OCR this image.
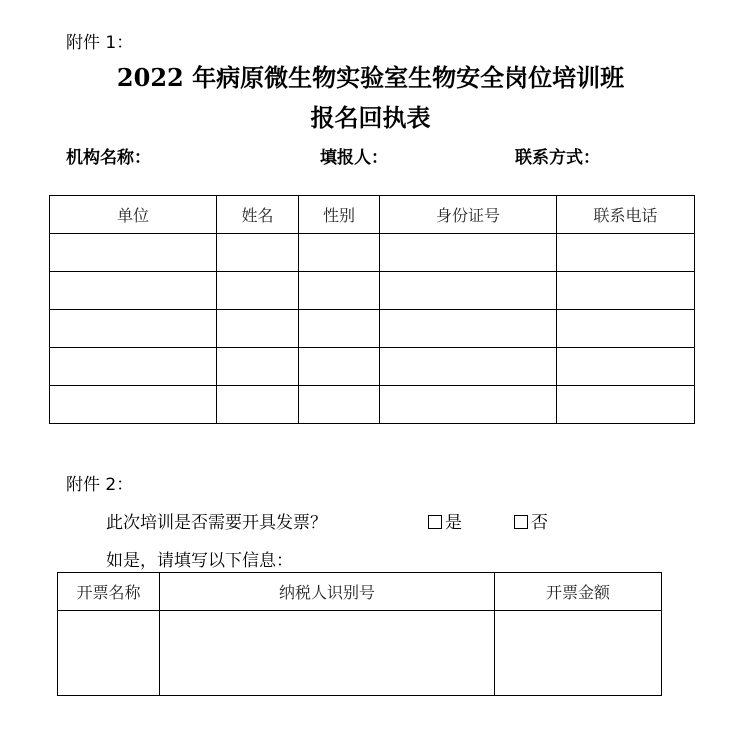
附件 1：
2022 年病原微生物实验室生物安全岗位培训班
报名回执表
机构名称：	填报人：	联系方式：
单位	姓名	性别	身份证号	联系电话

附件 2：
此次培训是否需要开具发票？	是	否
如是，请填写以下信息：
开票名称	纳税人识别号	开票金额
